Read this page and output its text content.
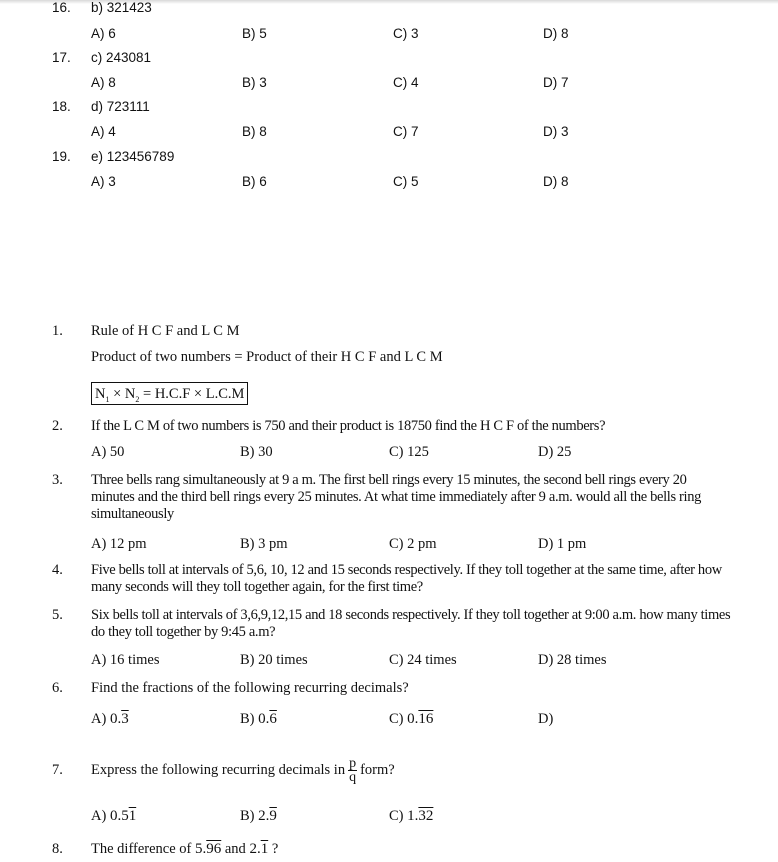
16. b) 321423
A) 6	B) 5	C) 3	D) 8
17. c) 243081
A) 8	B) 3	C) 4	D) 7
18. d) 723111
A) 4	B) 8	C) 7	D) 3
19. e) 123456789
A) 3	B) 6	C) 5	D) 8
1. Rule of H C F and L C M
Product of two numbers = Product of their H C F and L C M
$N_1 \times N_2 = H.C.F \times L.C.M$
2. If the L C M of two numbers is 750 and their product is 18750 find the H C F of the numbers?
A) 50	B) 30	C) 125	D) 25
3. Three bells rang simultaneously at 9 a m. The first bell rings every 15 minutes, the second bell rings every 20 minutes and the third bell rings every 25 minutes. At what time immediately after 9 a.m. would all the bells ring simultaneously
A) 12 pm	B) 3 pm	C) 2 pm	D) 1 pm
4. Five bells toll at intervals of 5,6, 10, 12 and 15 seconds respectively. If they toll together at the same time, after how many seconds will they toll together again, for the first time?
5. Six bells toll at intervals of 3,6,9,12,15 and 18 seconds respectively. If they toll together at 9:00 a.m. how many times do they toll together by 9:45 a.m?
A) 16 times	B) 20 times	C) 24 times	D) 28 times
6. Find the fractions of the following recurring decimals?
A) 0.3	B) 0.6	C) 0.16	D)
7. Express the following recurring decimals in $\frac{p}{q}$ form?
A) 0.51	B) 2.9	C) 1.32
8. The difference of 5.96 and 2.1 ?
